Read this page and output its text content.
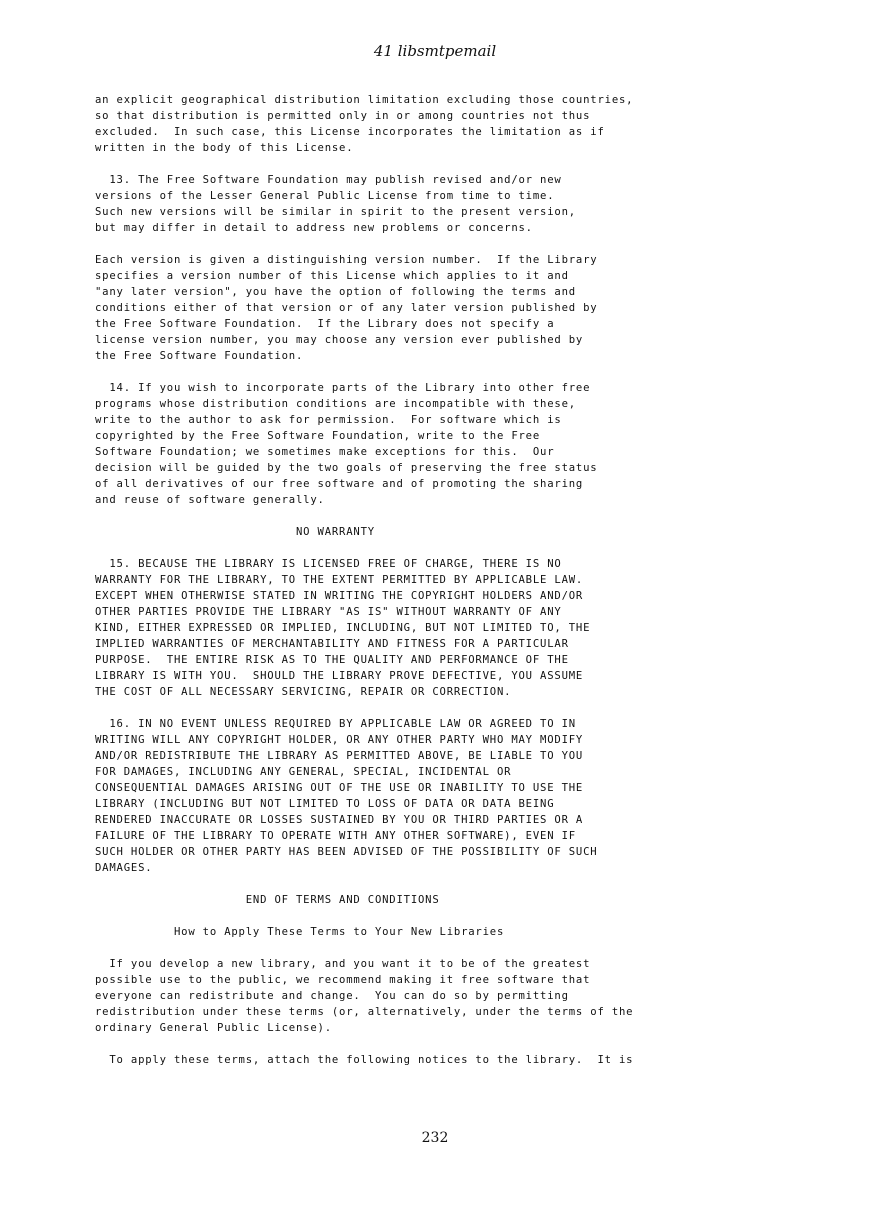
41 libsmtpemail
an explicit geographical distribution limitation excluding those countries,
so that distribution is permitted only in or among countries not thus
excluded.  In such case, this License incorporates the limitation as if
written in the body of this License.

13. The Free Software Foundation may publish revised and/or new
versions of the Lesser General Public License from time to time.
Such new versions will be similar in spirit to the present version,
but may differ in detail to address new problems or concerns.

Each version is given a distinguishing version number.  If the Library
specifies a version number of this License which applies to it and
"any later version", you have the option of following the terms and
conditions either of that version or of any later version published by
the Free Software Foundation.  If the Library does not specify a
license version number, you may choose any version ever published by
the Free Software Foundation.

14. If you wish to incorporate parts of the Library into other free
programs whose distribution conditions are incompatible with these,
write to the author to ask for permission.  For software which is
copyrighted by the Free Software Foundation, write to the Free
Software Foundation; we sometimes make exceptions for this.  Our
decision will be guided by the two goals of preserving the free status
of all derivatives of our free software and of promoting the sharing
and reuse of software generally.

NO WARRANTY

15. BECAUSE THE LIBRARY IS LICENSED FREE OF CHARGE, THERE IS NO
WARRANTY FOR THE LIBRARY, TO THE EXTENT PERMITTED BY APPLICABLE LAW.
EXCEPT WHEN OTHERWISE STATED IN WRITING THE COPYRIGHT HOLDERS AND/OR
OTHER PARTIES PROVIDE THE LIBRARY "AS IS" WITHOUT WARRANTY OF ANY
KIND, EITHER EXPRESSED OR IMPLIED, INCLUDING, BUT NOT LIMITED TO, THE
IMPLIED WARRANTIES OF MERCHANTABILITY AND FITNESS FOR A PARTICULAR
PURPOSE.  THE ENTIRE RISK AS TO THE QUALITY AND PERFORMANCE OF THE
LIBRARY IS WITH YOU.  SHOULD THE LIBRARY PROVE DEFECTIVE, YOU ASSUME
THE COST OF ALL NECESSARY SERVICING, REPAIR OR CORRECTION.

16. IN NO EVENT UNLESS REQUIRED BY APPLICABLE LAW OR AGREED TO IN
WRITING WILL ANY COPYRIGHT HOLDER, OR ANY OTHER PARTY WHO MAY MODIFY
AND/OR REDISTRIBUTE THE LIBRARY AS PERMITTED ABOVE, BE LIABLE TO YOU
FOR DAMAGES, INCLUDING ANY GENERAL, SPECIAL, INCIDENTAL OR
CONSEQUENTIAL DAMAGES ARISING OUT OF THE USE OR INABILITY TO USE THE
LIBRARY (INCLUDING BUT NOT LIMITED TO LOSS OF DATA OR DATA BEING
RENDERED INACCURATE OR LOSSES SUSTAINED BY YOU OR THIRD PARTIES OR A
FAILURE OF THE LIBRARY TO OPERATE WITH ANY OTHER SOFTWARE), EVEN IF
SUCH HOLDER OR OTHER PARTY HAS BEEN ADVISED OF THE POSSIBILITY OF SUCH
DAMAGES.

END OF TERMS AND CONDITIONS

How to Apply These Terms to Your New Libraries

If you develop a new library, and you want it to be of the greatest
possible use to the public, we recommend making it free software that
everyone can redistribute and change.  You can do so by permitting
redistribution under these terms (or, alternatively, under the terms of the
ordinary General Public License).

To apply these terms, attach the following notices to the library.  It is
232
